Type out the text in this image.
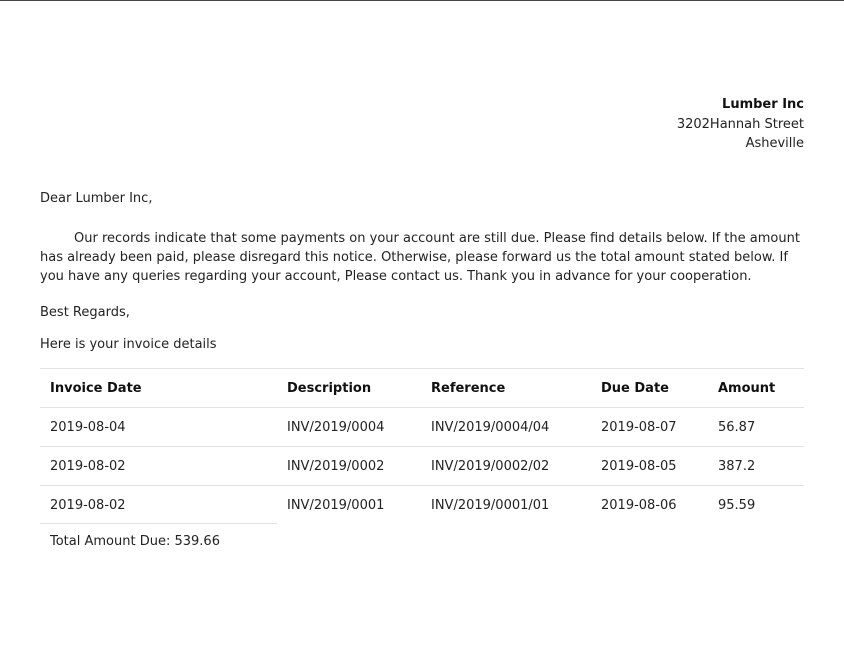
Lumber Inc
3202Hannah Street
Asheville
Dear Lumber Inc,
Our records indicate that some payments on your account are still due. Please find details below. If the amount has already been paid, please disregard this notice. Otherwise, please forward us the total amount stated below. If you have any queries regarding your account, Please contact us. Thank you in advance for your cooperation.
Best Regards,
Here is your invoice details
Invoice Date	Description	Reference	Due Date	Amount
2019-08-04	INV/2019/0004	INV/2019/0004/04	2019-08-07	56.87
2019-08-02	INV/2019/0002	INV/2019/0002/02	2019-08-05	387.2
2019-08-02	INV/2019/0001	INV/2019/0001/01	2019-08-06	95.59
Total Amount Due: 539.66
